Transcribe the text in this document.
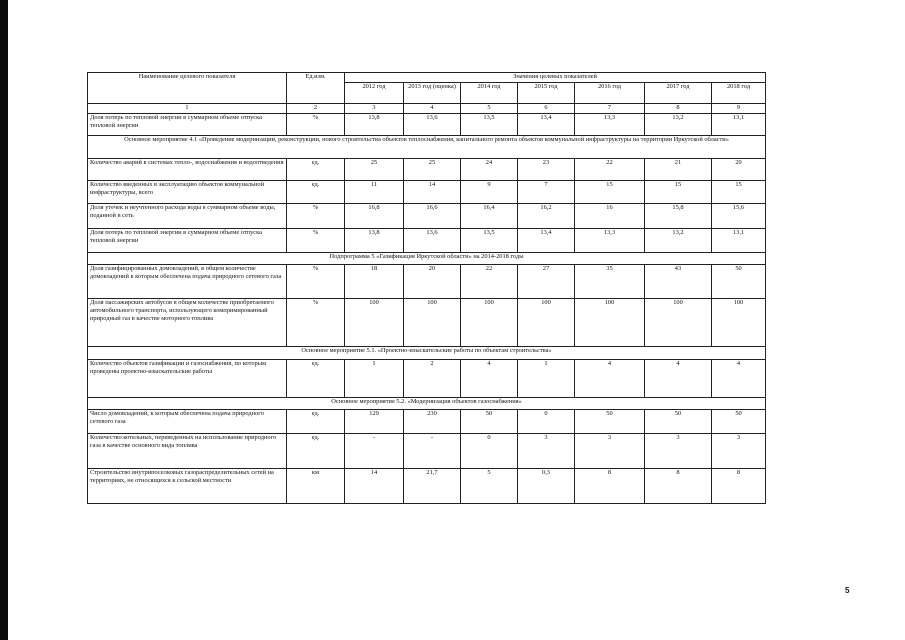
Наименование целевого показателя	Ед.изм.	Значения целевых показателей						
		2012 год	2013 год (оценка)	2014 год	2015 год	2016 год	2017 год	2018 год
1	2	3	4	5	6	7	8	9
Доля потерь по тепловой энергии в суммарном объеме отпуска тепловой энергии	%	13,8	13,6	13,5	13,4	13,3	13,2	13,1
Основное мероприятие 4.1 «Проведение модернизации, реконструкции, нового строительства объектов теплоснабжения, капитального ремонта объектов коммунальной инфраструктуры на территории Иркутской области»								
Количество аварий в системах тепло-, водоснабжения и водоотведения	ед.	25	25	24	23	22	21	20
Количество введенных в эксплуатацию объектов коммунальной инфраструктуры, всего	ед.	11	14	9	7	15	15	15
Доля утечек и неучтенного расхода воды в суммарном объеме воды, поданной в сеть	%	16,8	16,6	16,4	16,2	16	15,8	15,6
Доля потерь по тепловой энергии в суммарном объеме отпуска тепловой энергии	%	13,8	13,6	13,5	13,4	13,3	13,2	13,1
Подпрограмма 5 «Газификация Иркутской области» на 2014-2018 годы								
Доля газифицированных домовладений, в общем количестве домовладений к которым обеспечена подача природного сетевого газа	%	18	20	22	27	35	43	50
Доля пассажирских автобусов в общем количестве приобретаемого автомобильного транспорта, использующего компримированный природный газ в качестве моторного топлива	%	100	100	100	100	100	100	100
Основное мероприятие 5.1. «Проектно-изыскательские работы по объектам строительства»								
Количество объектов газификации и газоснабжения, по которым проведены проектно-изыскательские работы	ед.	1	2	4	1	4	4	4
Основное мероприятие 5.2. «Модернизация объектов газоснабжения»								
Число домовладений, к которым обеспечена подача природного сетевого газа	ед.	129	230	50	0	50	50	50
Количество котельных, переведенных на использование природного газа в качестве основного вида топлива	ед.	-	-	0	3	3	3	3
Строительство внутрипоселковых газораспределительных сетей на территориях, не относящихся к сельской местности	км	14	21,7	5	0,3	8	8	8
5
